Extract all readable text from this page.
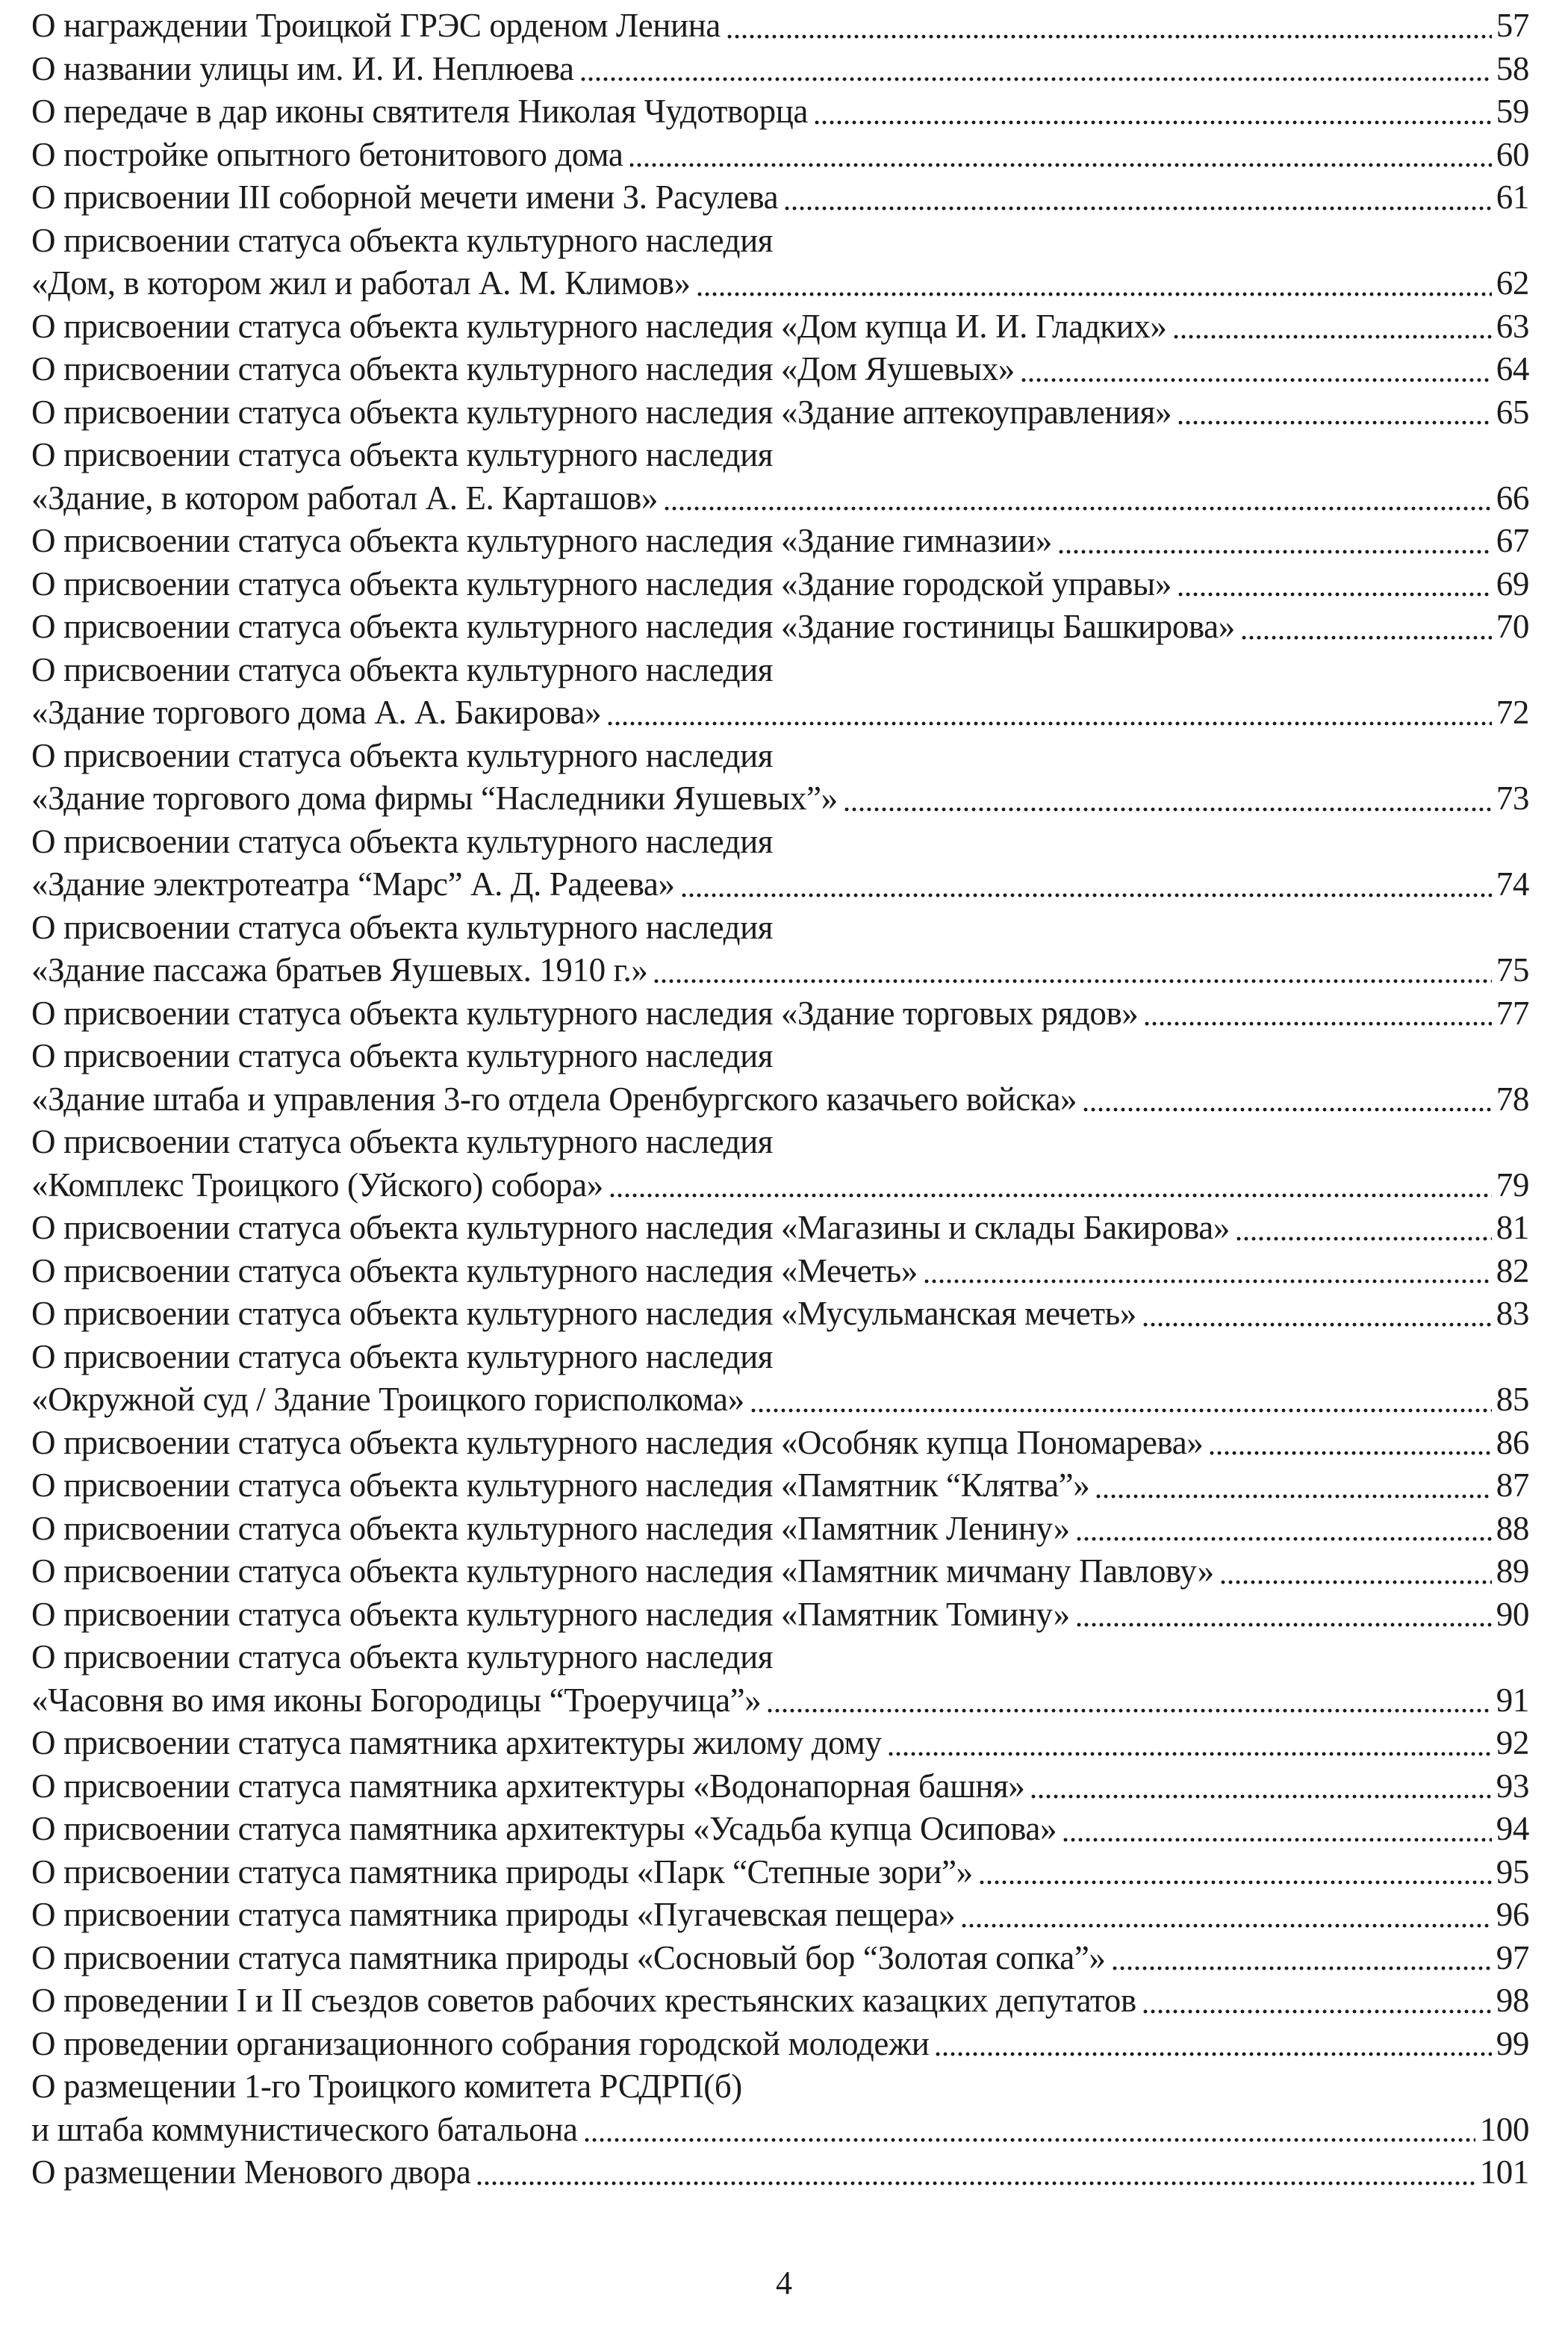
О награждении Троицкой ГРЭС орденом Ленина	57
О названии улицы им. И. И. Неплюева	58
О передаче в дар иконы святителя Николая Чудотворца	59
О постройке опытного бетонитового дома	60
О присвоении III соборной мечети имени З. Расулева	61
О присвоении статуса объекта культурного наследия
«Дом, в котором жил и работал А. М. Климов»	62
О присвоении статуса объекта культурного наследия «Дом купца И. И. Гладких»	63
О присвоении статуса объекта культурного наследия «Дом Яушевых»	64
О присвоении статуса объекта культурного наследия «Здание аптекоуправления»	65
О присвоении статуса объекта культурного наследия
«Здание, в котором работал А. Е. Карташов»	66
О присвоении статуса объекта культурного наследия «Здание гимназии»	67
О присвоении статуса объекта культурного наследия «Здание городской управы»	69
О присвоении статуса объекта культурного наследия «Здание гостиницы Башкирова»	70
О присвоении статуса объекта культурного наследия
«Здание торгового дома А. А. Бакирова»	72
О присвоении статуса объекта культурного наследия
«Здание торгового дома фирмы “Наследники Яушевых”»	73
О присвоении статуса объекта культурного наследия
«Здание электротеатра “Марс” А. Д. Радеева»	74
О присвоении статуса объекта культурного наследия
«Здание пассажа братьев Яушевых. 1910 г.»	75
О присвоении статуса объекта культурного наследия «Здание торговых рядов»	77
О присвоении статуса объекта культурного наследия
«Здание штаба и управления 3-го отдела Оренбургского казачьего войска»	78
О присвоении статуса объекта культурного наследия
«Комплекс Троицкого (Уйского) собора»	79
О присвоении статуса объекта культурного наследия «Магазины и склады Бакирова»	81
О присвоении статуса объекта культурного наследия «Мечеть»	82
О присвоении статуса объекта культурного наследия «Мусульманская мечеть»	83
О присвоении статуса объекта культурного наследия
«Окружной суд / Здание Троицкого горисполкома»	85
О присвоении статуса объекта культурного наследия «Особняк купца Пономарева»	86
О присвоении статуса объекта культурного наследия «Памятник “Клятва”»	87
О присвоении статуса объекта культурного наследия «Памятник Ленину»	88
О присвоении статуса объекта культурного наследия «Памятник мичману Павлову»	89
О присвоении статуса объекта культурного наследия «Памятник Томину»	90
О присвоении статуса объекта культурного наследия
«Часовня во имя иконы Богородицы “Троеручица”»	91
О присвоении статуса памятника архитектуры жилому дому	92
О присвоении статуса памятника архитектуры «Водонапорная башня»	93
О присвоении статуса памятника архитектуры «Усадьба купца Осипова»	94
О присвоении статуса памятника природы «Парк “Степные зори”»	95
О присвоении статуса памятника природы «Пугачевская пещера»	96
О присвоении статуса памятника природы «Сосновый бор “Золотая сопка”»	97
О проведении I и II съездов советов рабочих крестьянских казацких депутатов	98
О проведении организационного собрания городской молодежи	99
О размещении 1-го Троицкого комитета РСДРП(б)
и штаба коммунистического батальона	100
О размещении Менового двора	101
4
